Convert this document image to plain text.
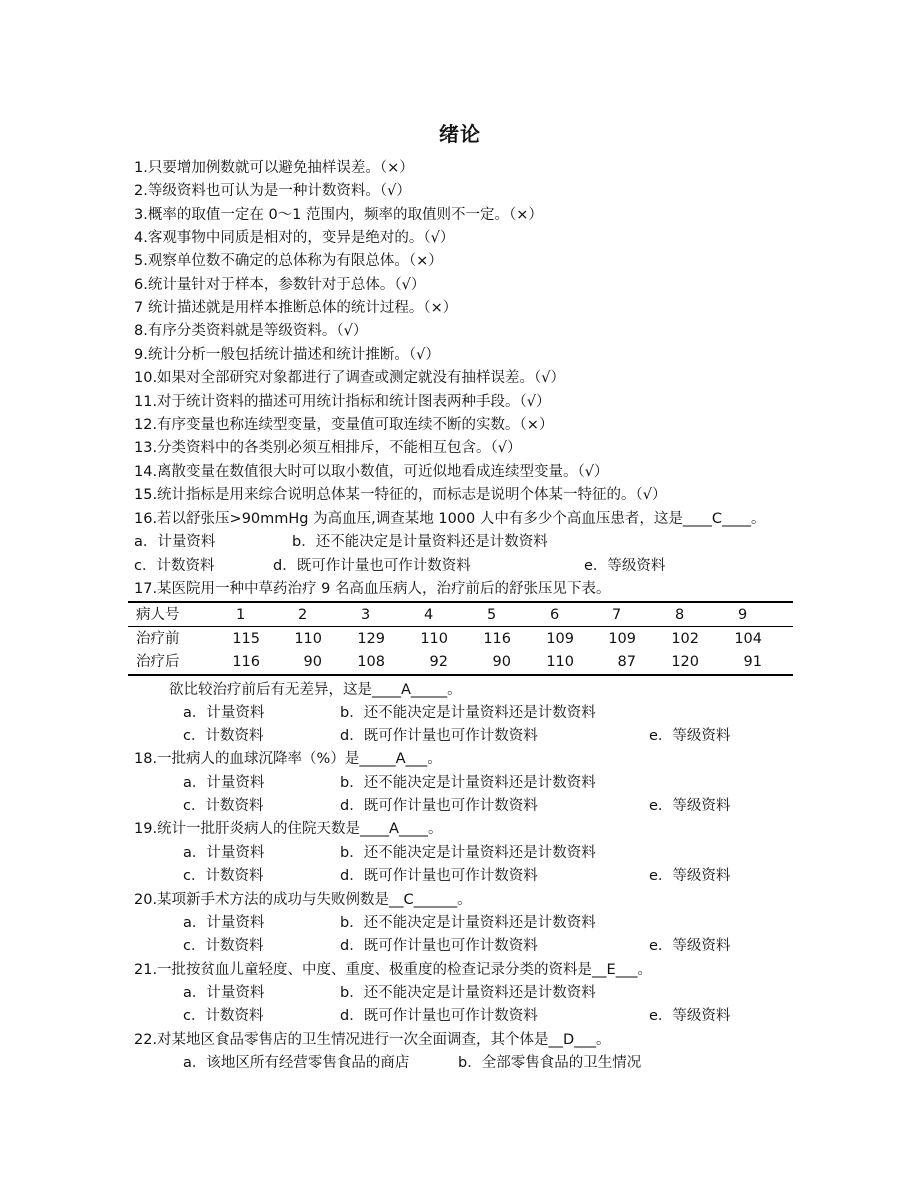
绪论
1.只要增加例数就可以避免抽样误差。（×）
2.等级资料也可认为是一种计数资料。（√）
3.概率的取值一定在 0～1 范围内，频率的取值则不一定。（×）
4.客观事物中同质是相对的，变异是绝对的。（√）
5.观察单位数不确定的总体称为有限总体。（×）
6.统计量针对于样本，参数针对于总体。（√）
7 统计描述就是用样本推断总体的统计过程。（×）
8.有序分类资料就是等级资料。（√）
9.统计分析一般包括统计描述和统计推断。（√）
10.如果对全部研究对象都进行了调查或测定就没有抽样误差。（√）
11.对于统计资料的描述可用统计指标和统计图表两种手段。（√）
12.有序变量也称连续型变量，变量值可取连续不断的实数。（×）
13.分类资料中的各类别必须互相排斥，不能相互包含。（√）
14.离散变量在数值很大时可以取小数值，可近似地看成连续型变量。（√）
15.统计指标是用来综合说明总体某一特征的，而标志是说明个体某一特征的。（√）
16.若以舒张压>90mmHg 为高血压,调查某地 1000 人中有多少个高血压患者，这是____C____。
a．计量资料	b．还不能决定是计量资料还是计数资料
c．计数资料	d．既可作计量也可作计数资料	e．等级资料
17.某医院用一种中草药治疗 9 名高血压病人，治疗前后的舒张压见下表。
病人号	1	2	3	4	5	6	7	8	9
治疗前	115	110	129	110	116	109	109	102	104
治疗后	116	90	108	92	90	110	87	120	91
欲比较治疗前后有无差异，这是____A_____。
a．计量资料	b．还不能决定是计量资料还是计数资料
c．计数资料	d．既可作计量也可作计数资料	e．等级资料
18.一批病人的血球沉降率（%）是_____A___。
a．计量资料	b．还不能决定是计量资料还是计数资料
c．计数资料	d．既可作计量也可作计数资料	e．等级资料
19.统计一批肝炎病人的住院天数是____A____。
a．计量资料	b．还不能决定是计量资料还是计数资料
c．计数资料	d．既可作计量也可作计数资料	e．等级资料
20.某项新手术方法的成功与失败例数是__C______。
a．计量资料	b．还不能决定是计量资料还是计数资料
c．计数资料	d．既可作计量也可作计数资料	e．等级资料
21.一批按贫血儿童轻度、中度、重度、极重度的检查记录分类的资料是__E___。
a．计量资料	b．还不能决定是计量资料还是计数资料
c．计数资料	d．既可作计量也可作计数资料	e．等级资料
22.对某地区食品零售店的卫生情况进行一次全面调查，其个体是__D___。
a．该地区所有经营零售食品的商店	b．全部零售食品的卫生情况
